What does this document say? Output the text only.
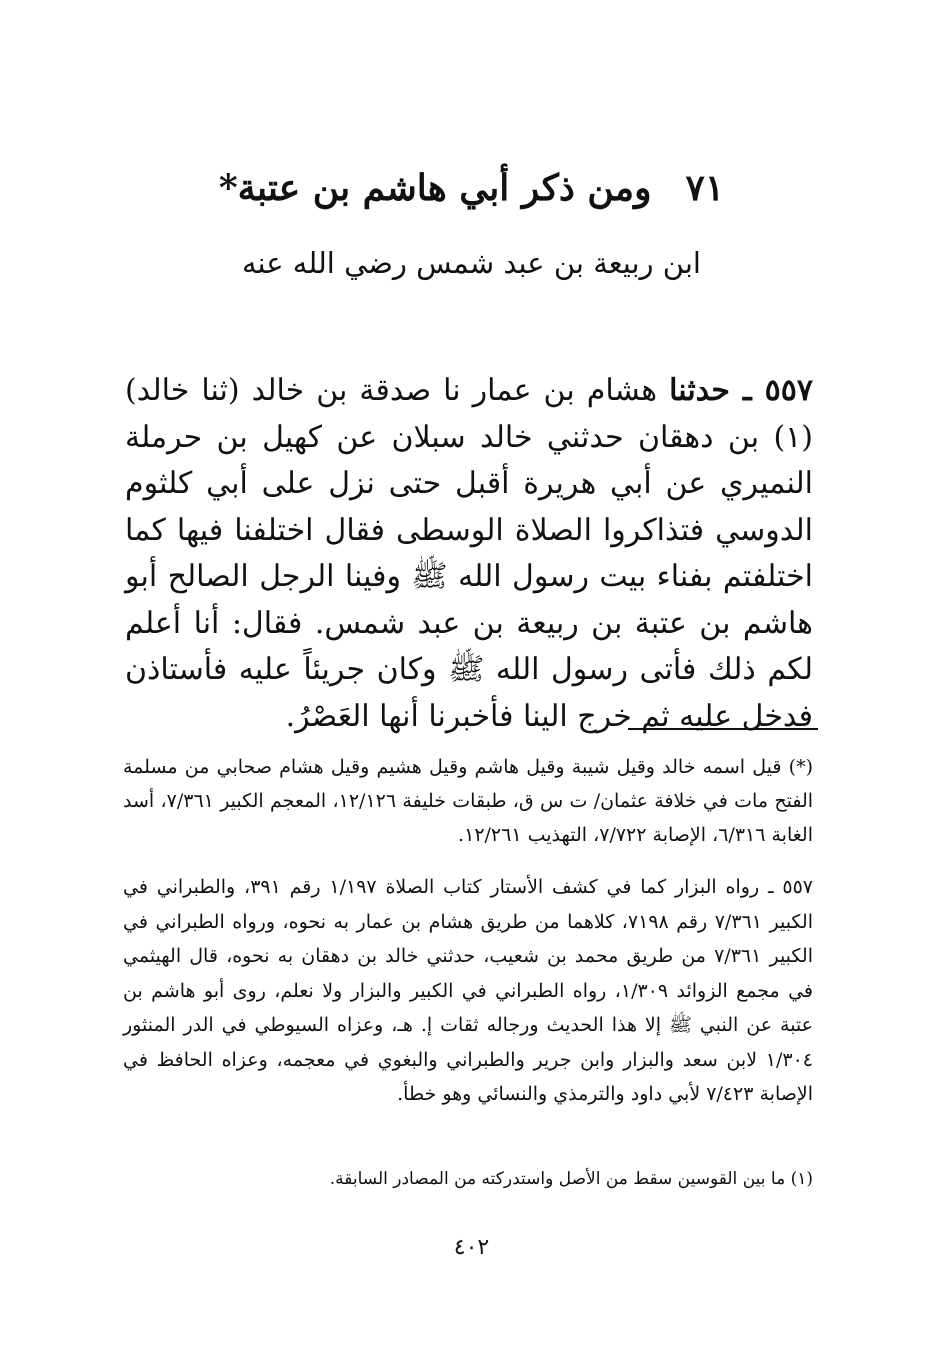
٧١ومن ذكر أبي هاشم بن عتبة*

ابن ربيعة بن عبد شمس رضي الله عنه

٥٥٧ ـ حدثنا هشام بن عمار نا صدقة بن خالد (ثنا خالد)(١) بن دهقان حدثني خالد سبلان عن كهيل بن حرملة النميري عن أبي هريرة أقبل حتى نزل على أبي كلثوم الدوسي فتذاكروا الصلاة الوسطى فقال اختلفنا فيها كما اختلفتم بفناء بيت رسول الله ﷺ وفينا الرجل الصالح أبو هاشم بن عتبة بن ربيعة بن عبد شمس. فقال: أنا أعلم لكم ذلك فأتى رسول الله ﷺ وكان جريئاً عليه فأستاذن فدخل عليه ثم خرج الينا فأخبرنا أنها العَصْرُ.

(*) قيل اسمه خالد وقيل شيبة وقيل هاشم وقيل هشيم وقيل هشام صحابي من مسلمة الفتح مات في خلافة عثمان/ ت س ق، طبقات خليفة ١٢/١٢٦، المعجم الكبير ٧/٣٦١، أسد الغابة ٦/٣١٦، الإصابة ٧/٧٢٢، التهذيب ١٢/٢٦١.

٥٥٧ ـ رواه البزار كما في كشف الأستار كتاب الصلاة ١/١٩٧ رقم ٣٩١، والطبراني في الكبير ٧/٣٦١ رقم ٧١٩٨، كلاهما من طريق هشام بن عمار به نحوه، ورواه الطبراني في الكبير ٧/٣٦١ من طريق محمد بن شعيب، حدثني خالد بن دهقان به نحوه، قال الهيثمي في مجمع الزوائد ١/٣٠٩، رواه الطبراني في الكبير والبزار ولا نعلم، روى أبو هاشم بن عتبة عن النبي ﷺ إلا هذا الحديث ورجاله ثقات إ. هـ، وعزاه السيوطي في الدر المنثور ١/٣٠٤ لابن سعد والبزار وابن جرير والطبراني والبغوي في معجمه، وعزاه الحافظ في الإصابة ٧/٤٢٣ لأبي داود والترمذي والنسائي وهو خطأ.

(١) ما بين القوسين سقط من الأصل واستدركته من المصادر السابقة.

٤٠٢
